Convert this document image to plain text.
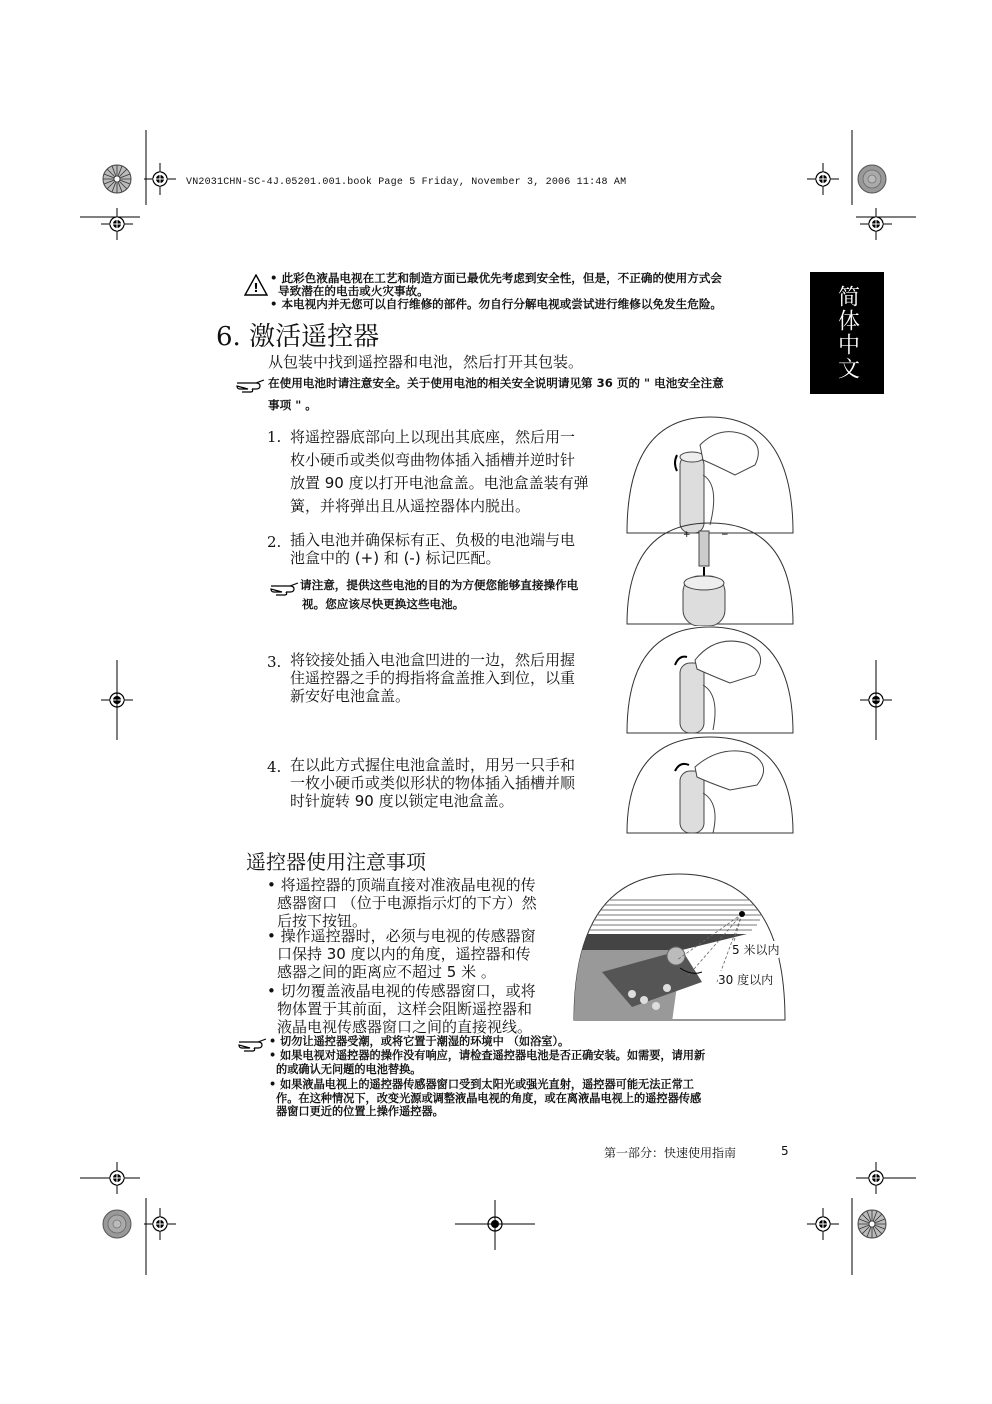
VN2031CHN-SC-4J.05201.001.book Page 5 Friday, November 3, 2006 11:48 AM
简体中文
!
• 此彩色液晶电视在工艺和制造方面已最优先考虑到安全性，但是，不正确的使用方式会
导致潜在的电击或火灾事故。
• 本电视内并无您可以自行维修的部件。勿自行分解电视或尝试进行维修以免发生危险。
6. 激活遥控器
从包装中找到遥控器和电池，然后打开其包装。
在使用电池时请注意安全。关于使用电池的相关安全说明请见第 36 页的 " 电池安全注意
事项 " 。
1. 将遥控器底部向上以现出其底座，然后用一
枚小硬币或类似弯曲物体插入插槽并逆时针
放置 90 度以打开电池盒盖。电池盒盖装有弹
簧，并将弹出且从遥控器体内脱出。
2. 插入电池并确保标有正、负极的电池端与电
池盒中的 (+) 和 (-) 标记匹配。
请注意，提供这些电池的目的为方便您能够直接操作电
视。您应该尽快更换这些电池。
3. 将铰接处插入电池盒凹进的一边，然后用握
住遥控器之手的拇指将盒盖推入到位，以重
新安好电池盒盖。
4. 在以此方式握住电池盒盖时，用另一只手和
一枚小硬币或类似形状的物体插入插槽并顺
时针旋转 90 度以锁定电池盒盖。
+	−
遥控器使用注意事项
• 将遥控器的顶端直接对准液晶电视的传
感器窗口 （位于电源指示灯的下方）然
后按下按钮。
• 操作遥控器时，必须与电视的传感器窗
口保持 30 度以内的角度，遥控器和传
感器之间的距离应不超过 5 米 。
• 切勿覆盖液晶电视的传感器窗口，或将
物体置于其前面，这样会阻断遥控器和
液晶电视传感器窗口之间的直接视线。
5 米以内
30 度以内
• 切勿让遥控器受潮，或将它置于潮湿的环境中 （如浴室）。
• 如果电视对遥控器的操作没有响应，请检查遥控器电池是否正确安装。如需要，请用新
的或确认无问题的电池替换。
• 如果液晶电视上的遥控器传感器窗口受到太阳光或强光直射，遥控器可能无法正常工
作。在这种情况下，改变光源或调整液晶电视的角度，或在离液晶电视上的遥控器传感
器窗口更近的位置上操作遥控器。
第一部分：快速使用指南	5
